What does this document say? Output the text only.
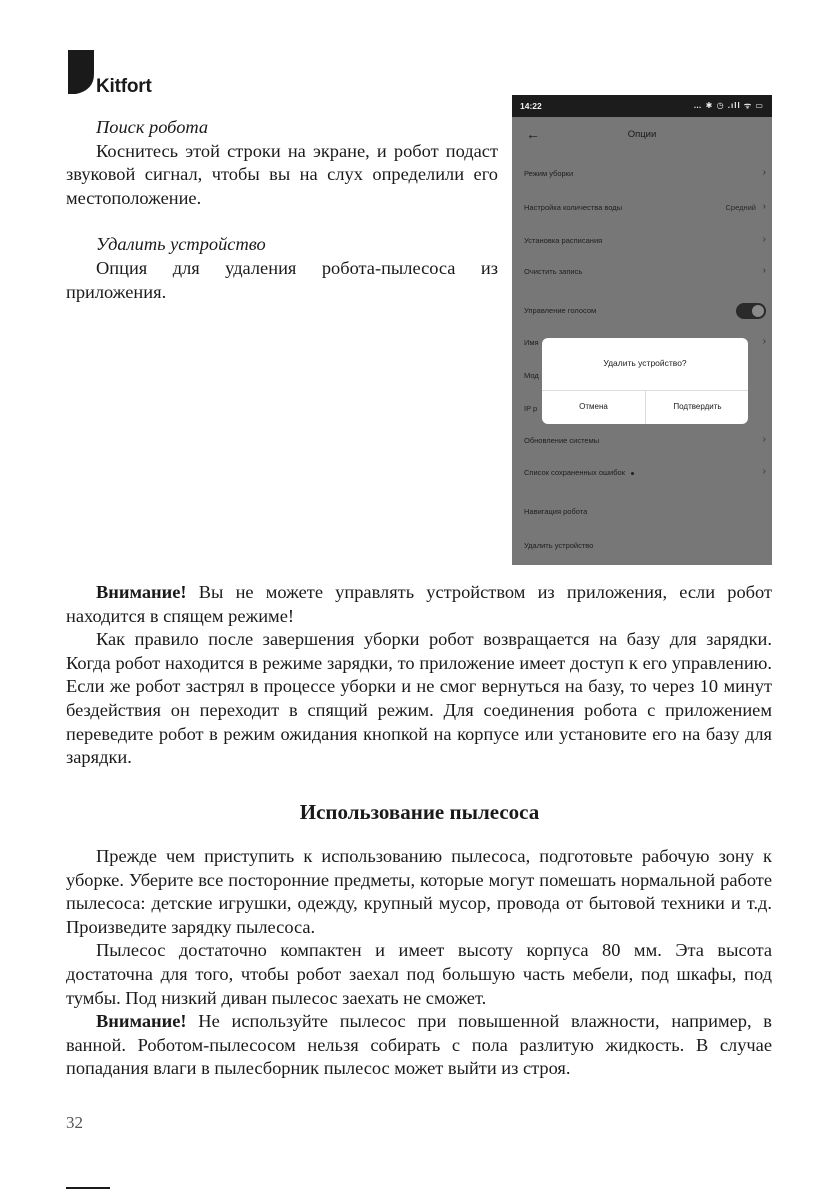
Kitfort

Поиск робота

Коснитесь этой строки на экране, и робот подаст звуковой сигнал, чтобы вы на слух определили его местоположение.

Удалить устройство

Опция для удаления робота-пылесоса из приложения.

14:22	… ✱ ◷ .ıll ᯤ ▭
←	Опции
Режим уборки	›
Настройка количества воды	Средний ›
Установка расписания	›
Очистить запись	›
Управление голосом
Имя	›
Мод
IP р
Обновление системы	›
Список сохраненных ошибок	›
Навигация робота
Удалить устройство
Удалить устройство?
Отмена	Подтвердить

Внимание! Вы не можете управлять устройством из приложения, если робот находится в спящем режиме!

Как правило после завершения уборки робот возвращается на базу для зарядки. Когда робот находится в режиме зарядки, то приложение имеет доступ к его управлению. Если же робот застрял в процессе уборки и не смог вернуться на базу, то через 10 минут бездействия он переходит в спящий режим. Для соединения робота с приложением переведите робот в режим ожидания кнопкой на корпусе или установите его на базу для зарядки.

Использование пылесоса

Прежде чем приступить к использованию пылесоса, подготовьте рабочую зону к уборке. Уберите все посторонние предметы, которые могут помешать нормальной работе пылесоса: детские игрушки, одежду, крупный мусор, провода от бытовой техники и т.д. Произведите зарядку пылесоса.

Пылесос достаточно компактен и имеет высоту корпуса 80 мм. Эта высота достаточна для того, чтобы робот заехал под большую часть мебели, под шкафы, под тумбы. Под низкий диван пылесос заехать не сможет.

Внимание! Не используйте пылесос при повышенной влажности, например, в ванной. Роботом-пылесосом нельзя собирать с пола разлитую жидкость. В случае попадания влаги в пылесборник пылесос может выйти из строя.

32
